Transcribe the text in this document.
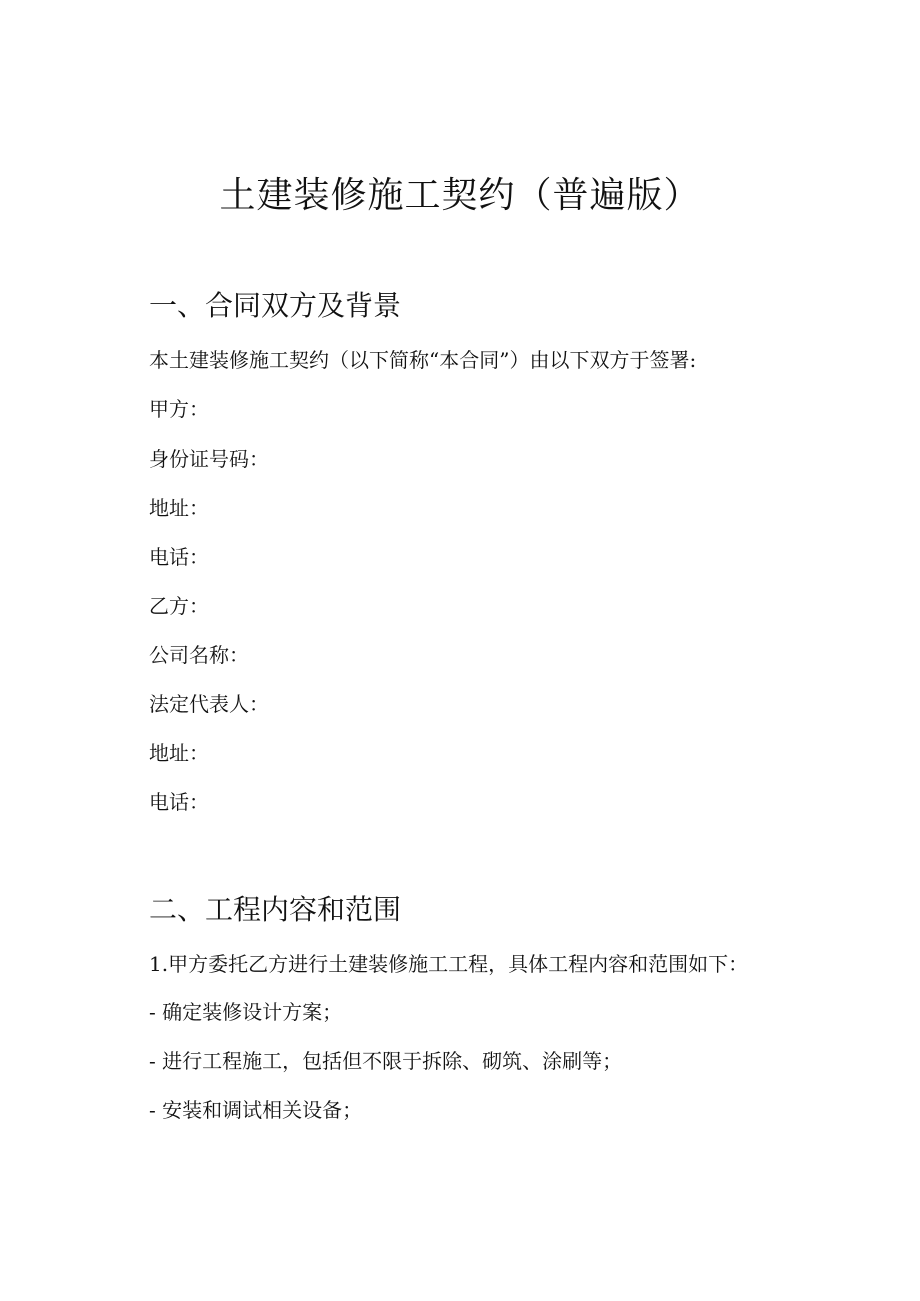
土建装修施工契约（普遍版）
一、合同双方及背景

本土建装修施工契约（以下简称“本合同”）由以下双方于签署:

甲方：

身份证号码：

地址：

电话：

乙方：

公司名称：

法定代表人：

地址：

电话：

二、工程内容和范围

1.甲方委托乙方进行土建装修施工工程，具体工程内容和范围如下：

- 确定装修设计方案；

- 进行工程施工，包括但不限于拆除、砌筑、涂刷等；

- 安装和调试相关设备；
